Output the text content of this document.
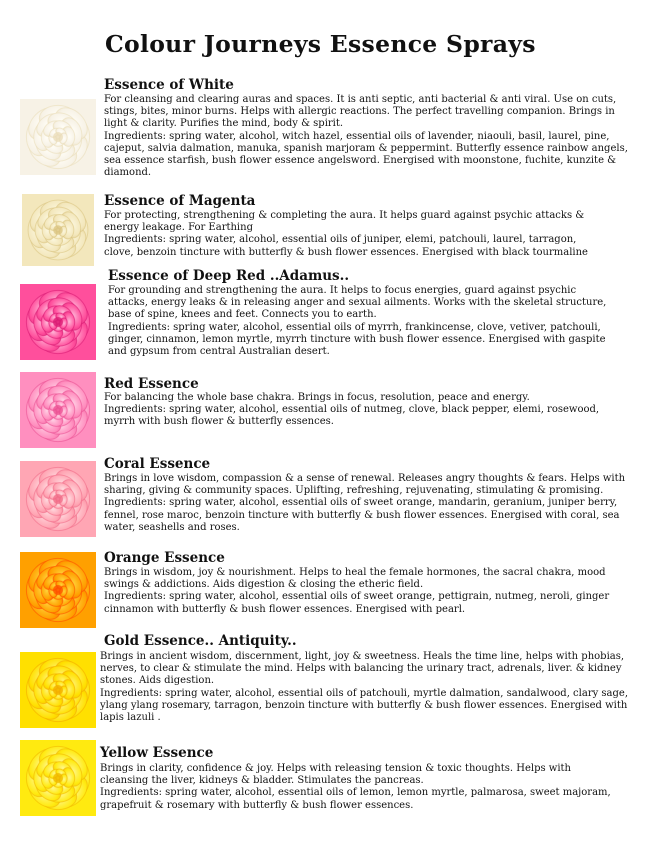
Colour Journeys Essence Sprays
Essence of White

For cleansing and clearing auras and spaces. It is anti septic, anti bacterial & anti viral. Use on cuts, stings, bites, minor burns. Helps with allergic reactions. The perfect travelling companion. Brings in light & clarity. Purifies the mind, body & spirit.

Ingredients: spring water, alcohol, witch hazel, essential oils of lavender, niaouli, basil, laurel, pine, cajeput, salvia dalmation, manuka, spanish marjoram & peppermint. Butterfly essence rainbow angels, sea essence starfish, bush flower essence angelsword. Energised with moonstone, fuchite, kunzite & diamond.

Essence of Magenta

For protecting, strengthening & completing the aura. It helps guard against psychic attacks & energy leakage. For Earthing

Ingredients: spring water, alcohol, essential oils of juniper, elemi, patchouli, laurel, tarragon, clove, benzoin tincture with butterfly & bush flower essences. Energised with black tourmaline

Essence of Deep Red ..Adamus..

For grounding and strengthening the aura. It helps to focus energies, guard against psychic attacks, energy leaks & in releasing anger and sexual ailments. Works with the skeletal structure, base of spine, knees and feet. Connects you to earth.

Ingredients: spring water, alcohol, essential oils of myrrh, frankincense, clove, vetiver, patchouli, ginger, cinnamon, lemon myrtle, myrrh tincture with bush flower essence. Energised with gaspite and gypsum from central Australian desert.

Red Essence

For balancing the whole base chakra. Brings in focus, resolution, peace and energy.

Ingredients: spring water, alcohol, essential oils of nutmeg, clove, black pepper, elemi, rosewood, myrrh with bush flower & butterfly essences.

Coral Essence

Brings in love wisdom, compassion & a sense of renewal. Releases angry thoughts & fears. Helps with sharing, giving & community spaces. Uplifting, refreshing, rejuvenating, stimulating & promising.

Ingredients: spring water, alcohol, essential oils of sweet orange, mandarin, geranium, juniper berry, fennel, rose maroc, benzoin tincture with butterfly & bush flower essences. Energised with coral, sea water, seashells and roses.

Orange Essence

Brings in wisdom, joy & nourishment. Helps to heal the female hormones, the sacral chakra, mood swings & addictions. Aids digestion & closing the etheric field.

Ingredients: spring water, alcohol, essential oils of sweet orange, pettigrain, nutmeg, neroli, ginger cinnamon with butterfly & bush flower essences. Energised with pearl.

Gold Essence.. Antiquity..

Brings in ancient wisdom, discernment, light, joy & sweetness. Heals the time line, helps with phobias, nerves, to clear & stimulate the mind. Helps with balancing the urinary tract, adrenals, liver. & kidney stones. Aids digestion.

Ingredients: spring water, alcohol, essential oils of patchouli, myrtle dalmation, sandalwood, clary sage, ylang ylang rosemary, tarragon, benzoin tincture with butterfly & bush flower essences. Energised with lapis lazuli .

Yellow Essence

Brings in clarity, confidence & joy. Helps with releasing tension & toxic thoughts. Helps with cleansing the liver, kidneys & bladder. Stimulates the pancreas.

Ingredients: spring water, alcohol, essential oils of lemon, lemon myrtle, palmarosa, sweet majoram, grapefruit & rosemary with butterfly & bush flower essences.
